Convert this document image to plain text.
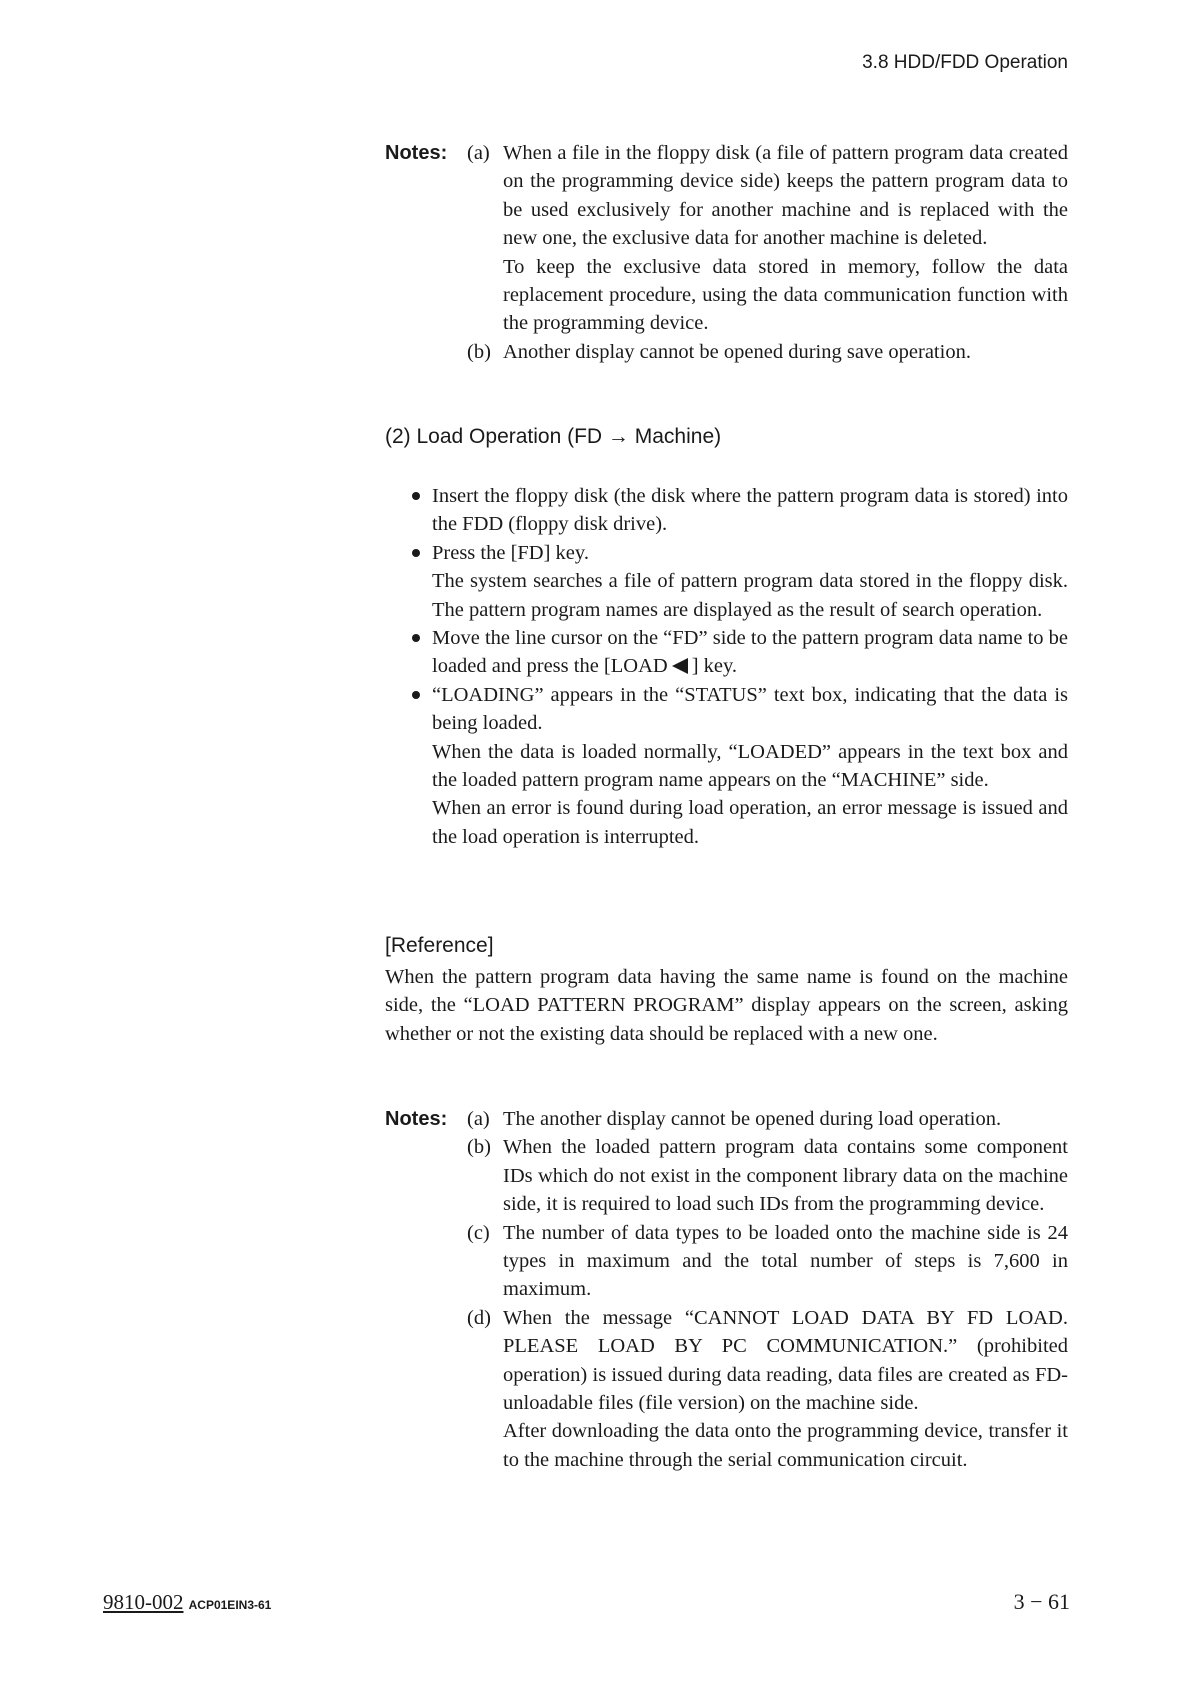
3.8 HDD/FDD Operation
Notes: (a) When a file in the floppy disk (a file of pattern program data created on the programming device side) keeps the pattern program data to be used exclusively for another machine and is replaced with the new one, the exclusive data for another machine is deleted.
To keep the exclusive data stored in memory, follow the data replacement procedure, using the data communication function with the programming device.
(b) Another display cannot be opened during save operation.
(2) Load Operation (FD → Machine)
Insert the floppy disk (the disk where the pattern program data is stored) into the FDD (floppy disk drive).
Press the [FD] key.
The system searches a file of pattern program data stored in the floppy disk. The pattern program names are displayed as the result of search operation.
Move the line cursor on the “FD” side to the pattern program data name to be loaded and press the [LOAD ] key.
“LOADING” appears in the “STATUS” text box, indicating that the data is being loaded.
When the data is loaded normally, “LOADED” appears in the text box and the loaded pattern program name appears on the “MACHINE” side.
When an error is found during load operation, an error message is issued and the load operation is interrupted.
[Reference]
When the pattern program data having the same name is found on the machine side, the “LOAD PATTERN PROGRAM” display appears on the screen, asking whether or not the existing data should be replaced with a new one.
Notes: (a) The another display cannot be opened during load operation.
(b) When the loaded pattern program data contains some component IDs which do not exist in the component library data on the machine side, it is required to load such IDs from the programming device.
(c) The number of data types to be loaded onto the machine side is 24 types in maximum and the total number of steps is 7,600 in maximum.
(d) When the message “CANNOT LOAD DATA BY FD LOAD. PLEASE LOAD BY PC COMMUNICATION.” (prohibited operation) is issued during data reading, data files are created as FD-unloadable files (file version) on the machine side.
After downloading the data onto the programming device, transfer it to the machine through the serial communication circuit.
9810-002 ACP01EIN3-61	3 − 61
